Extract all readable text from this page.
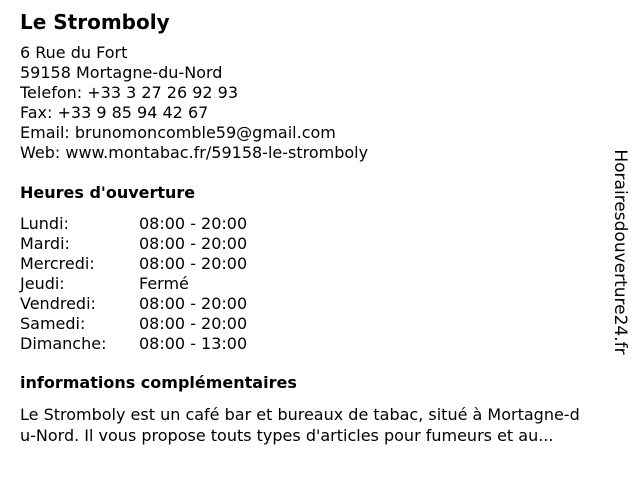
Le Stromboly
6 Rue du Fort
59158 Mortagne-du-Nord
Telefon: +33 3 27 26 92 93
Fax: +33 9 85 94 42 67
Email: brunomoncomble59@gmail.com
Web: www.montabac.fr/59158-le-stromboly
Heures d'ouverture
Lundi:	08:00 - 20:00
Mardi:	08:00 - 20:00
Mercredi:	08:00 - 20:00
Jeudi:	Fermé
Vendredi:	08:00 - 20:00
Samedi:	08:00 - 20:00
Dimanche: 08:00 - 13:00
informations complémentaires
Le Stromboly est un café bar et bureaux de tabac, situé à Mortagne-d
u-Nord. Il vous propose touts types d'articles pour fumeurs et au...
Horairesdouverture24.fr
